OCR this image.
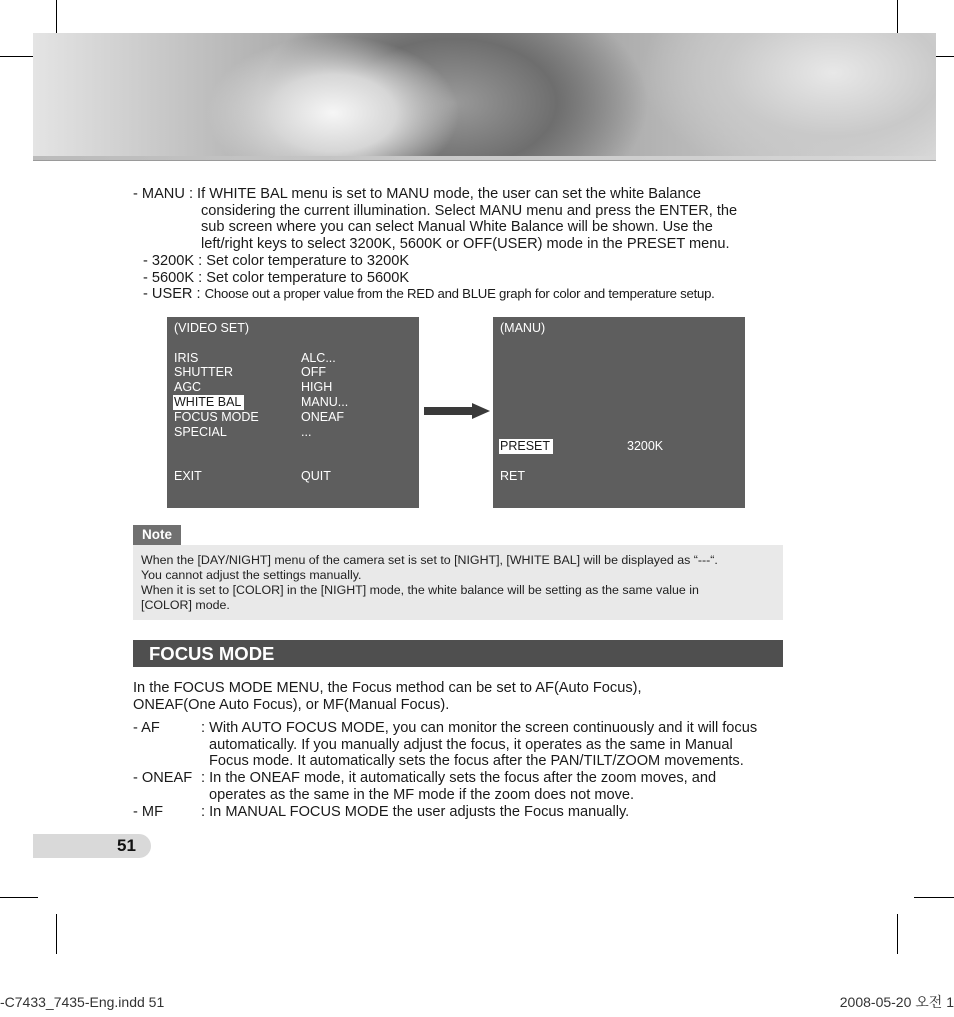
- MANU : If WHITE BAL menu is set to MANU mode, the user can set the white Balance
considering the current illumination. Select MANU menu and press the ENTER, the
sub screen where you can select Manual White Balance will be shown. Use the
left/right keys to select 3200K, 5600K or OFF(USER) mode in the PRESET menu.
- 3200K : Set color temperature to 3200K
- 5600K : Set color temperature to 5600K
- USER : Choose out a proper value from the RED and BLUE graph for color and temperature setup.
(VIDEO SET)
IRIS	ALC...
SHUTTER	OFF
AGC	HIGH
WHITE BAL	MANU...
FOCUS MODE	ONEAF
SPECIAL	...
EXIT	QUIT
(MANU)
PRESET	3200K
RET
Note
When the [DAY/NIGHT] menu of the camera set is set to [NIGHT], [WHITE BAL] will be displayed as “---“.
You cannot adjust the settings manually.
When it is set to [COLOR] in the [NIGHT] mode, the white balance will be setting as the same value in
[COLOR] mode.
FOCUS MODE
In the FOCUS MODE MENU, the Focus method can be set to AF(Auto Focus),
ONEAF(One Auto Focus), or MF(Manual Focus).
- AF	: With AUTO FOCUS MODE, you can monitor the screen continuously and it will focus
automatically. If you manually adjust the focus, it operates as the same in Manual
Focus mode. It automatically sets the focus after the PAN/TILT/ZOOM movements.
- ONEAF : In the ONEAF mode, it automatically sets the focus after the zoom moves, and
operates as the same in the MF mode if the zoom does not move.
- MF	: In MANUAL FOCUS MODE the user adjusts the Focus manually.
51
-C7433_7435-Eng.indd 51	2008-05-20 오전 1
